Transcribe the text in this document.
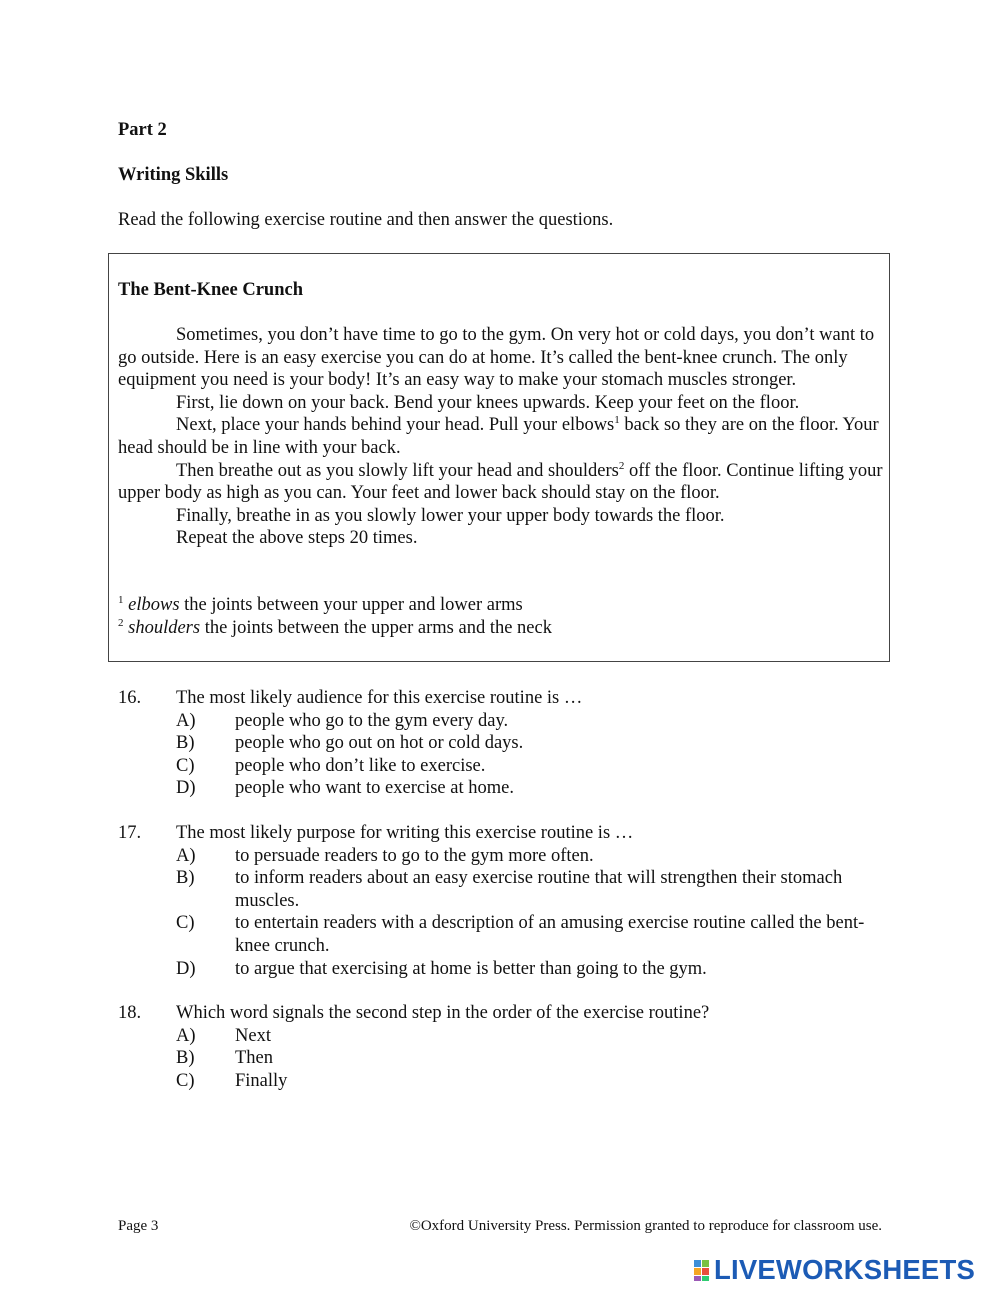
Part 2
Writing Skills
Read the following exercise routine and then answer the questions.
The Bent-Knee Crunch
Sometimes, you don’t have time to go to the gym. On very hot or cold days, you don’t want to go outside. Here is an easy exercise you can do at home. It’s called the bent-knee crunch. The only equipment you need is your body! It’s an easy way to make your stomach muscles stronger.
First, lie down on your back. Bend your knees upwards. Keep your feet on the floor.
Next, place your hands behind your head. Pull your elbows$^1$ back so they are on the floor. Your head should be in line with your back.
Then breathe out as you slowly lift your head and shoulders$^2$ off the floor. Continue lifting your upper body as high as you can. Your feet and lower back should stay on the floor.
Finally, breathe in as you slowly lower your upper body towards the floor.
Repeat the above steps 20 times.
$^1$ elbows the joints between your upper and lower arms
$^2$ shoulders the joints between the upper arms and the neck
16. The most likely audience for this exercise routine is …
A) people who go to the gym every day.
B) people who go out on hot or cold days.
C) people who don’t like to exercise.
D) people who want to exercise at home.
17. The most likely purpose for writing this exercise routine is …
A) to persuade readers to go to the gym more often.
B) to inform readers about an easy exercise routine that will strengthen their stomach muscles.
C) to entertain readers with a description of an amusing exercise routine called the bent-knee crunch.
D) to argue that exercising at home is better than going to the gym.
18. Which word signals the second step in the order of the exercise routine?
A) Next
B) Then
C) Finally
Page 3	©Oxford University Press. Permission granted to reproduce for classroom use.
LIVEWORKSHEETS
